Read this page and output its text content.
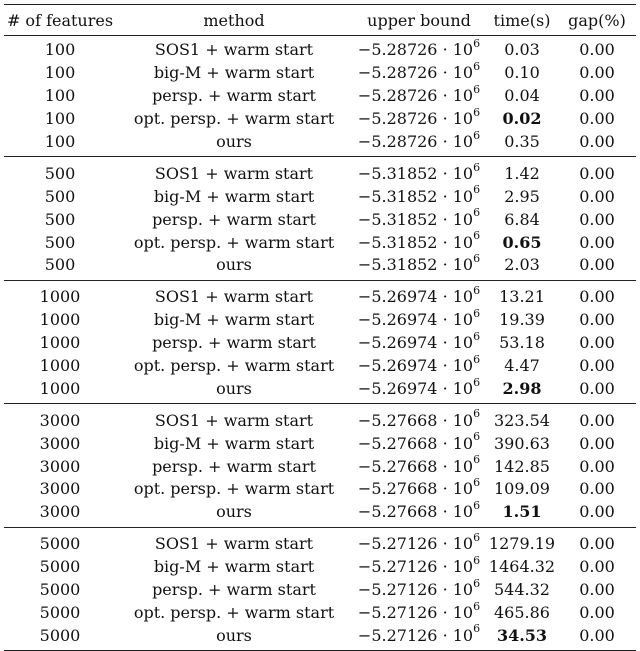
# of features	method	upper bound	time(s)	gap(%)
100	SOS1 + warm start	$-5.28726 \cdot 10^6$	0.03	0.00
100	big-M + warm start	$-5.28726 \cdot 10^6$	0.10	0.00
100	persp. + warm start	$-5.28726 \cdot 10^6$	0.04	0.00
100	opt. persp. + warm start	$-5.28726 \cdot 10^6$	0.02	0.00
100	ours	$-5.28726 \cdot 10^6$	0.35	0.00
500	SOS1 + warm start	$-5.31852 \cdot 10^6$	1.42	0.00
500	big-M + warm start	$-5.31852 \cdot 10^6$	2.95	0.00
500	persp. + warm start	$-5.31852 \cdot 10^6$	6.84	0.00
500	opt. persp. + warm start	$-5.31852 \cdot 10^6$	0.65	0.00
500	ours	$-5.31852 \cdot 10^6$	2.03	0.00
1000	SOS1 + warm start	$-5.26974 \cdot 10^6$	13.21	0.00
1000	big-M + warm start	$-5.26974 \cdot 10^6$	19.39	0.00
1000	persp. + warm start	$-5.26974 \cdot 10^6$	53.18	0.00
1000	opt. persp. + warm start	$-5.26974 \cdot 10^6$	4.47	0.00
1000	ours	$-5.26974 \cdot 10^6$	2.98	0.00
3000	SOS1 + warm start	$-5.27668 \cdot 10^6$	323.54	0.00
3000	big-M + warm start	$-5.27668 \cdot 10^6$	390.63	0.00
3000	persp. + warm start	$-5.27668 \cdot 10^6$	142.85	0.00
3000	opt. persp. + warm start	$-5.27668 \cdot 10^6$	109.09	0.00
3000	ours	$-5.27668 \cdot 10^6$	1.51	0.00
5000	SOS1 + warm start	$-5.27126 \cdot 10^6$	1279.19	0.00
5000	big-M + warm start	$-5.27126 \cdot 10^6$	1464.32	0.00
5000	persp. + warm start	$-5.27126 \cdot 10^6$	544.32	0.00
5000	opt. persp. + warm start	$-5.27126 \cdot 10^6$	465.86	0.00
5000	ours	$-5.27126 \cdot 10^6$	34.53	0.00
